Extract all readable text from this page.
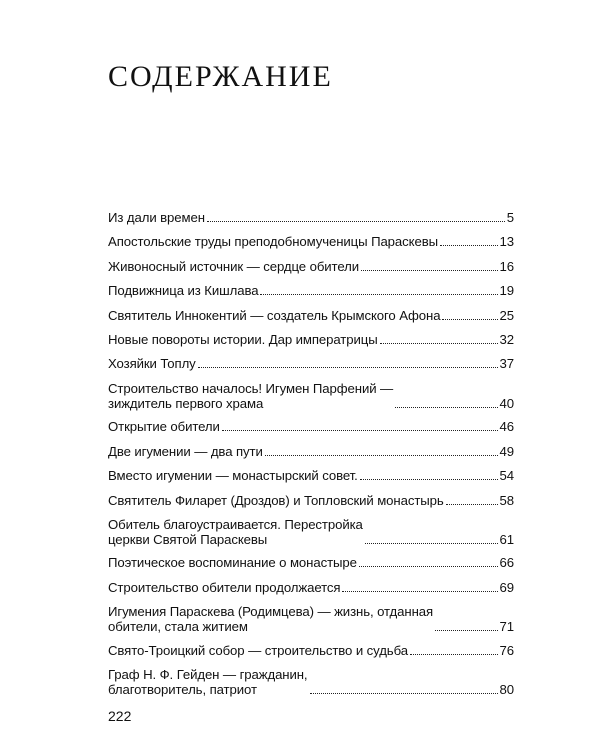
СОДЕРЖАНИЕ
Из дали времен	5
Апостольские труды преподобномученицы Параскевы	13
Живоносный источник — сердце обители	16
Подвижница из Кишлава	19
Святитель Иннокентий — создатель Крымского Афона	25
Новые повороты истории. Дар императрицы	32
Хозяйки Топлу	37
Строительство началось! Игумен Парфений —
зиждитель первого храма	40
Открытие обители	46
Две игумении — два пути	49
Вместо игумении — монастырский совет.	54
Святитель Филарет (Дроздов) и Топловский монастырь	58
Обитель благоустраивается. Перестройка
церкви Святой Параскевы	61
Поэтическое воспоминание о монастыре	66
Строительство обители продолжается	69
Игумения Параскева (Родимцева) — жизнь, отданная
обители, стала житием	71
Свято-Троицкий собор — строительство и судьба	76
Граф Н. Ф. Гейден — гражданин,
благотворитель, патриот	80
222
